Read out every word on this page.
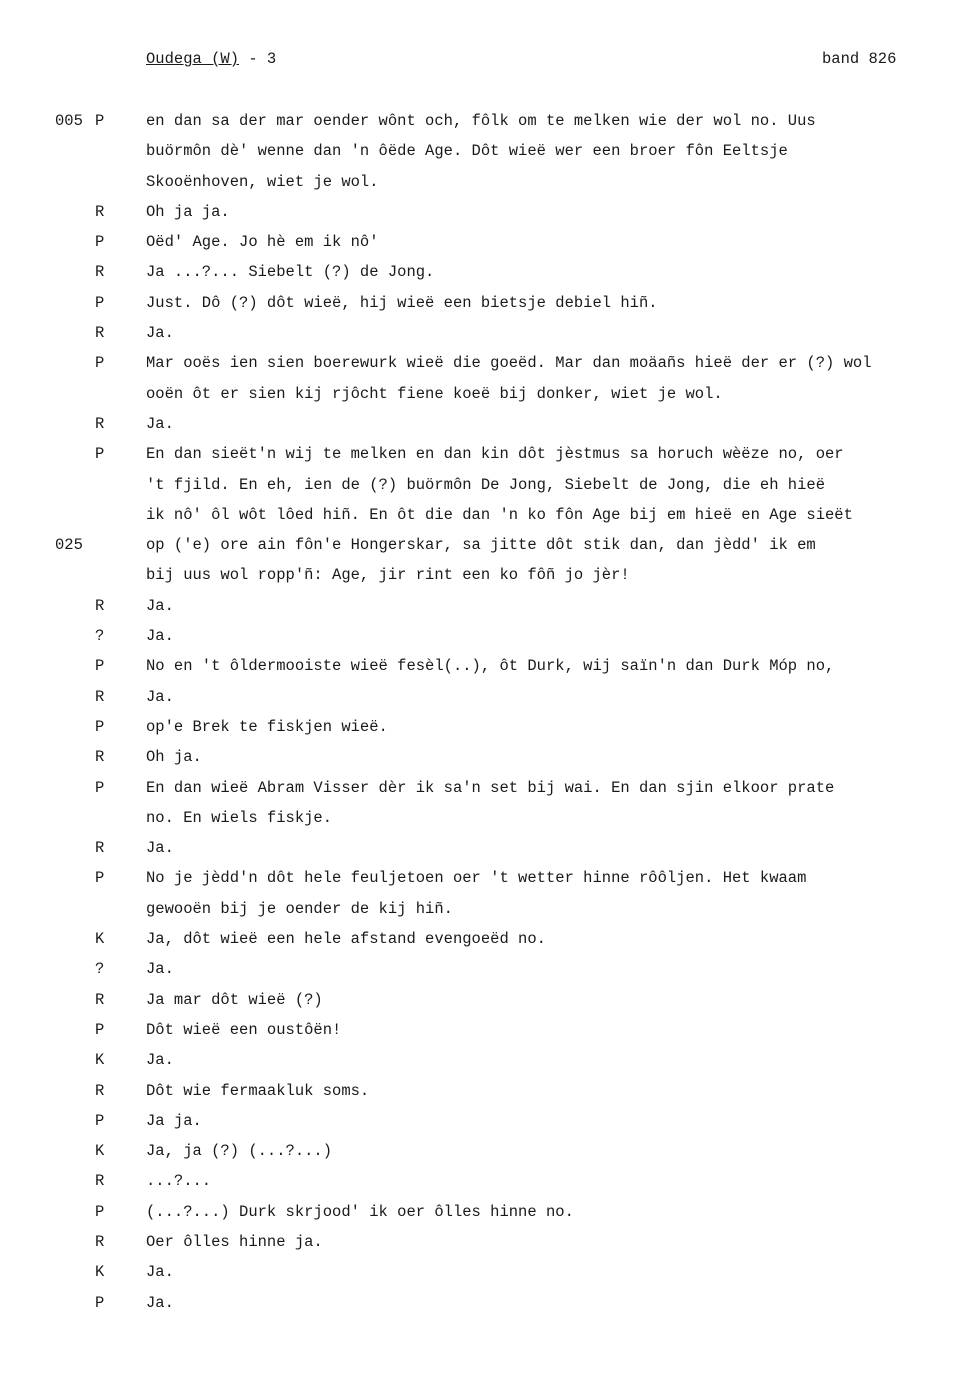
Oudega (W) - 3	band 826
005 P	en dan sa der mar oender wônt och, fôlk om te melken wie der wol no. Uus
buörmôn dè' wenne dan 'n ôëde Age. Dôt wieë wer een broer fôn Eeltsje
Skooënhoven, wiet je wol.
R	Oh ja ja.
P	Oëd' Age. Jo hè em ik nô'
R	Ja ...?... Siebelt (?) de Jong.
P	Just. Dô (?) dôt wieë, hij wieë een bietsje debiel hiñ.
R	Ja.
P	Mar ooës ien sien boerewurk wieë die goeëd. Mar dan moäañs hieë der er (?) wol
ooën ôt er sien kij rjôcht fiene koeë bij donker, wiet je wol.
R	Ja.
P	En dan sieët'n wij te melken en dan kin dôt jèstmus sa horuch wèëze no, oer
't fjild. En eh, ien de (?) buörmôn De Jong, Siebelt de Jong, die eh hieë
ik nô' ôl wôt lôed hiñ. En ôt die dan 'n ko fôn Age bij em hieë en Age sieët
025	op ('e) ore ain fôn'e Hongerskar, sa jitte dôt stik dan, dan jèdd' ik em
bij uus wol ropp'ñ: Age, jir rint een ko fôñ jo jèr!
R	Ja.
?	Ja.
P	No en 't ôldermooiste wieë fesèl(..), ôt Durk, wij saïn'n dan Durk Móp no,
R	Ja.
P	op'e Brek te fiskjen wieë.
R	Oh ja.
P	En dan wieë Abram Visser dèr ik sa'n set bij wai. En dan sjin elkoor prate
no. En wiels fiskje.
R	Ja.
P	No je jèdd'n dôt hele feuljetoen oer 't wetter hinne rôôljen. Het kwaam
gewooën bij je oender de kij hiñ.
K	Ja, dôt wieë een hele afstand evengoeëd no.
?	Ja.
R	Ja mar dôt wieë (?)
P	Dôt wieë een oustôën!
K	Ja.
R	Dôt wie fermaakluk soms.
P	Ja ja.
K	Ja, ja (?) (...?...)
R	...?...
P	(...?...) Durk skrjood' ik oer ôlles hinne no.
R	Oer ôlles hinne ja.
K	Ja.
P	Ja.
